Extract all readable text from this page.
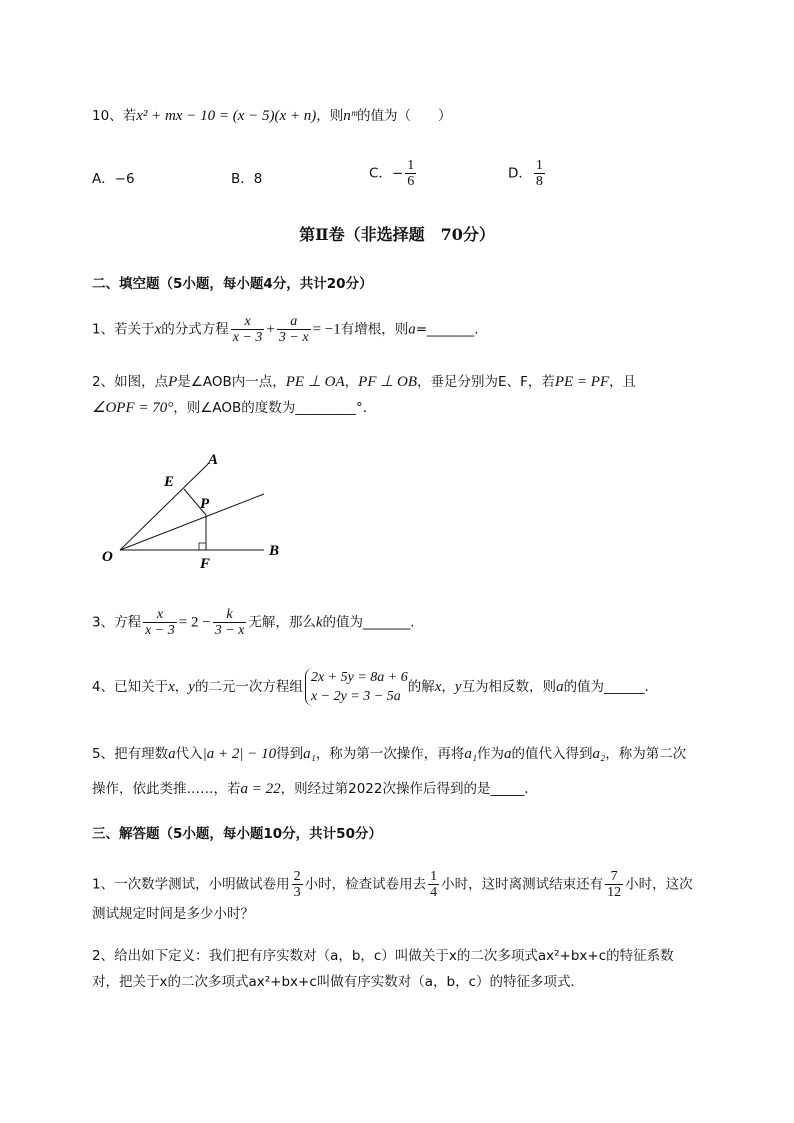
10、若x² + mx − 10 = (x − 5)(x + n)，则nᵐ的值为（　　）
A．−6	B．8	C．− $\frac{1}{6}$	D． $\frac{1}{8}$
第Ⅱ卷（非选择题　70分）
二、填空题（5小题，每小题4分，共计20分）
1、若关于x的分式方程 $\frac{x}{x - 3} + \frac{a}{3 - x} = -1$有增根，则a=_______.
2、如图，点P是∠AOB内一点，PE ⊥ OA，PF ⊥ OB，垂足分别为E、F，若PE = PF，且
∠OPF = 70°，则∠AOB的度数为_________°．
A
E
P
O	F
B
3、方程 $\frac{x}{x - 3} = 2 - \frac{k}{3 - x}$ 无解，那么k的值为_______.
4、已知关于x，y的二元一次方程组
2x + 5y = 8a + 6
x − 2y = 3 − 5a
的解x，y互为相反数，则a的值为______.
5、把有理数a代入|a + 2| − 10得到a₁，称为第一次操作，再将a₁作为a的值代入得到a₂，称为第二次
操作，依此类推……，若a = 22，则经过第2022次操作后得到的是_____.
三、解答题（5小题，每小题10分，共计50分）
1、一次数学测试，小明做试卷用 $\frac{2}{3}$ 小时，检查试卷用去 $\frac{1}{4}$ 小时，这时离测试结束还有 $\frac{7}{12}$ 小时，这次
测试规定时间是多少小时？
2、给出如下定义：我们把有序实数对（a，b，c）叫做关于x的二次多项式ax²+bx+c的特征系数
对，把关于x的二次多项式ax²+bx+c叫做有序实数对（a，b，c）的特征多项式．
